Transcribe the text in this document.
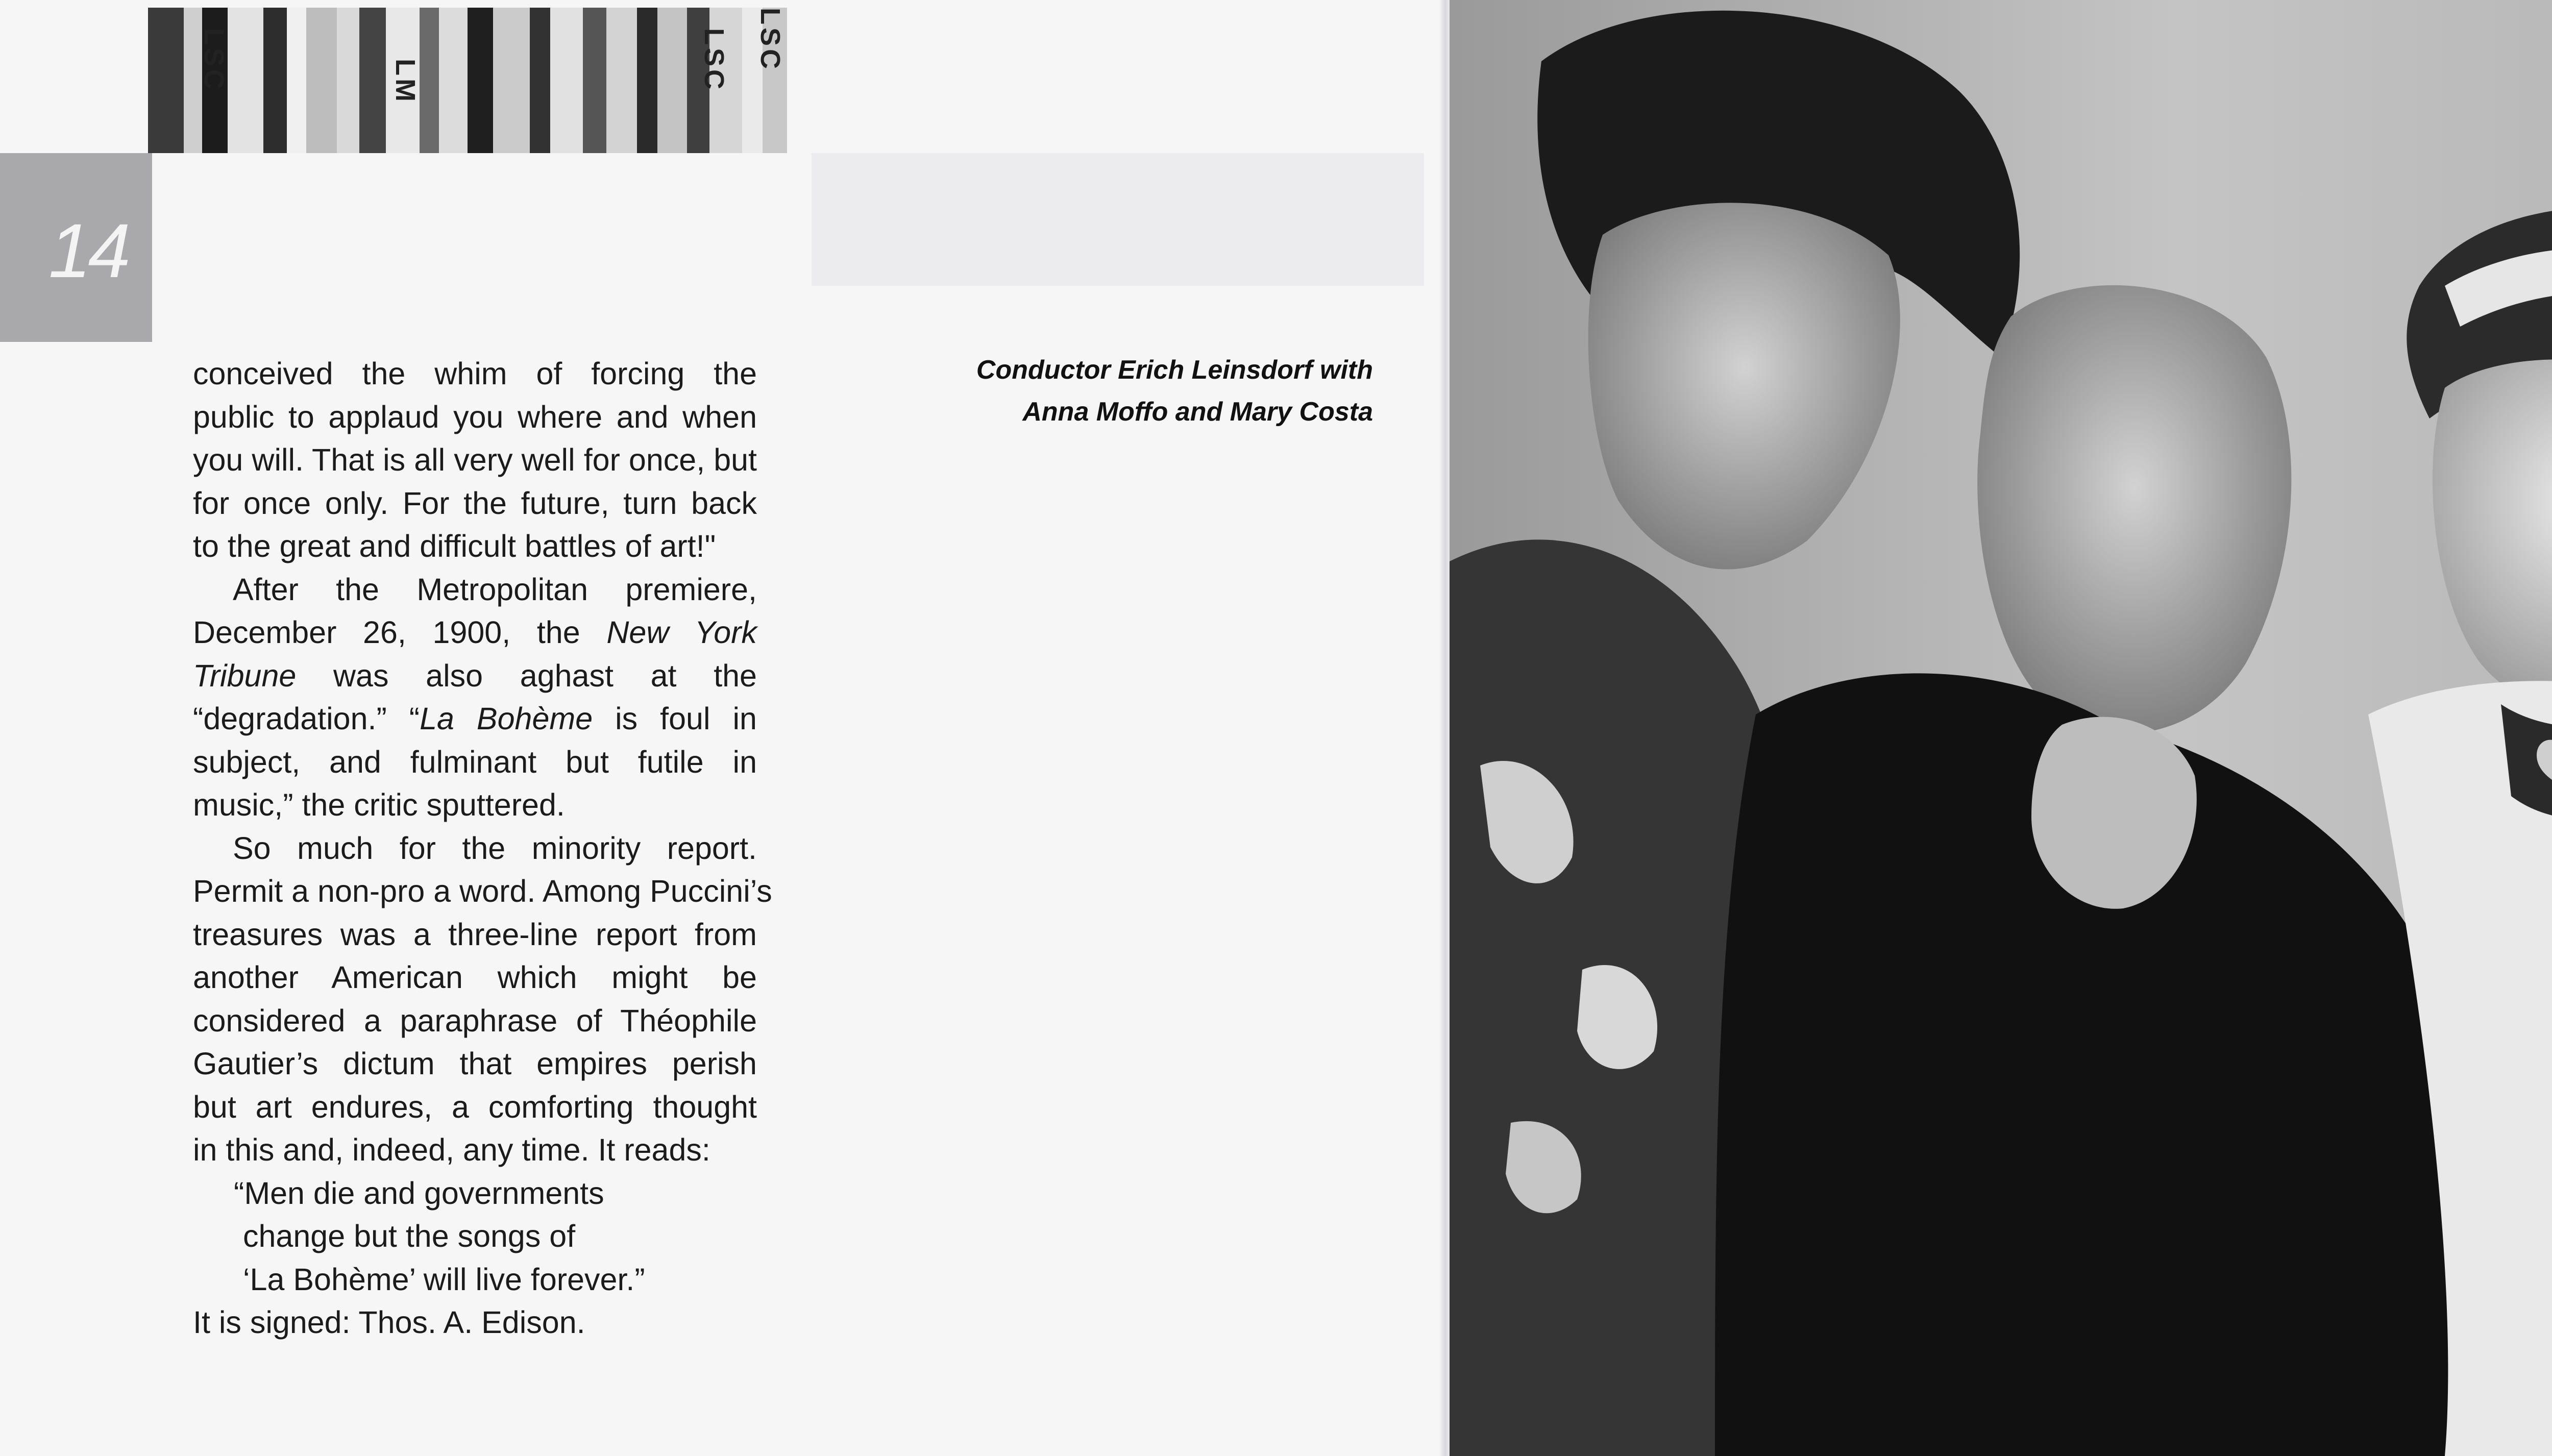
LSC	LM	LSC LSC
14
conceived the whim of forcing the
public to applaud you where and when
you will. That is all very well for once, but
for once only. For the future, turn back
to the great and difficult battles of art!"
After the Metropolitan premiere,
December 26, 1900, the New York
Tribune was also aghast at the
“degradation.” “La Bohème is foul in
subject, and fulminant but futile in
music,” the critic sputtered.
So much for the minority report.
Permit a non-pro a word. Among Puccini’s
treasures was a three-line report from
another American which might be
considered a paraphrase of Théophile
Gautier’s dictum that empires perish
but art endures, a comforting thought
in this and, indeed, any time. It reads:
“Men die and governments
change but the songs of
‘La Bohème’ will live forever.”
It is signed: Thos. A. Edison.
Conductor Erich Leinsdorf with
Anna Moffo and Mary Costa
